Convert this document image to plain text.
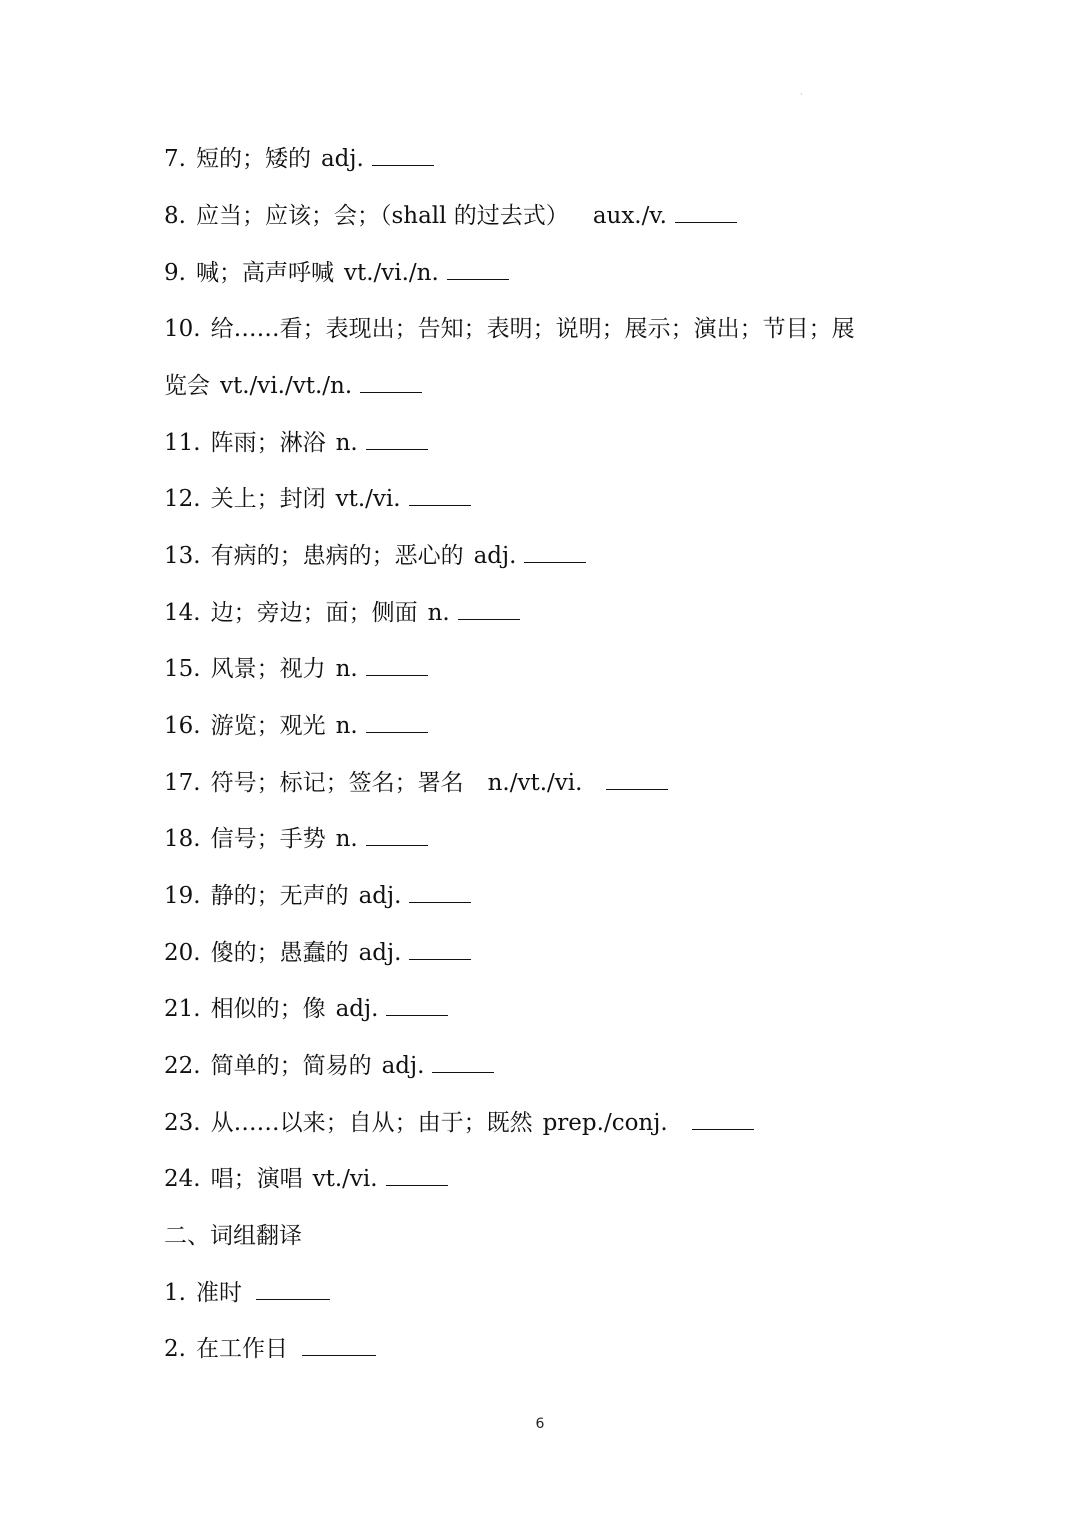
·
7. 短的；矮的 adj.
8. 应当；应该；会；（shall 的过去式） aux./v.
9. 喊；高声呼喊 vt./vi./n.
10. 给……看；表现出；告知；表明；说明；展示；演出；节目；展
览会 vt./vi./vt./n.
11. 阵雨；淋浴 n.
12. 关上；封闭 vt./vi.
13. 有病的；患病的；恶心的 adj.
14. 边；旁边；面；侧面 n.
15. 风景；视力 n.
16. 游览；观光 n.
17. 符号；标记；签名；署名 n./vt./vi.
18. 信号；手势 n.
19. 静的；无声的 adj.
20. 傻的；愚蠢的 adj.
21. 相似的；像 adj.
22. 简单的；简易的 adj.
23. 从……以来；自从；由于；既然 prep./conj.
24. 唱；演唱 vt./vi.
二、词组翻译
1. 准时
2. 在工作日
6
